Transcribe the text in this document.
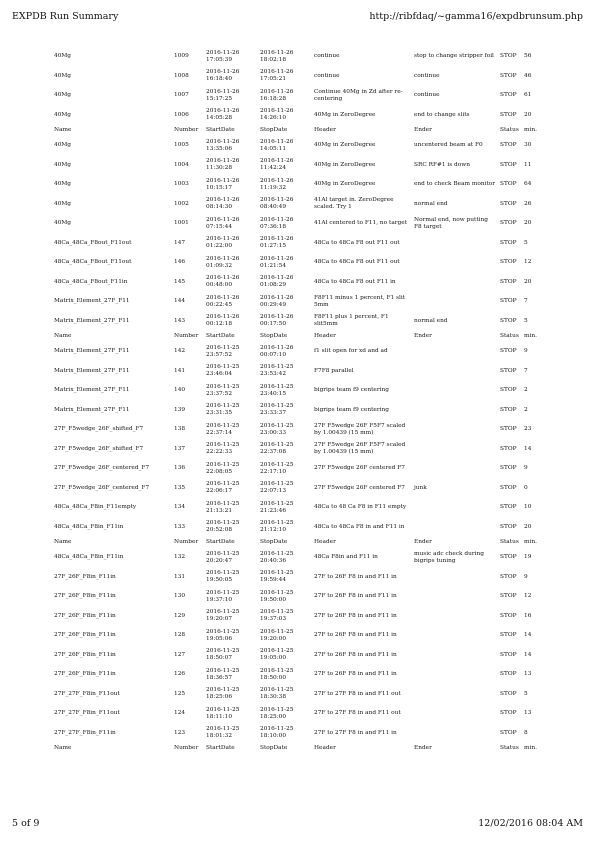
EXPDB Run Summary	http://ribfdaq/~gamma16/expdbrunsum.php
40Mg	1009	2016-11-26 17:05:39	2016-11-26 18:02:18	continue	stop to change stripper foil	STOP	56
40Mg	1008	2016-11-26 16:18:40	2016-11-26 17:05:21	continue	continue	STOP	46
40Mg	1007	2016-11-26 15:17:25	2016-11-26 16:18:28	Continue 40Mg in Zd after re-centering	continue	STOP	61
40Mg	1006	2016-11-26 14:05:28	2016-11-26 14:26:10	40Mg in ZeroDegree	end to change slits	STOP	20
Name	Number	StartDate	StopDate	Header	Ender	Status	min.
40Mg	1005	2016-11-26 13:35:06	2016-11-26 14:05:11	40Mg in ZeroDegree	uncentered beam at F0	STOP	30
40Mg	1004	2016-11-26 11:30:28	2016-11-26 11:42:24	40Mg in ZeroDegree	SRC RF#1 is down	STOP	11
40Mg	1003	2016-11-26 10:15:17	2016-11-26 11:19:32	40Mg in ZeroDegree	end to check Beam monitor	STOP	64
40Mg	1002	2016-11-26 08:14:30	2016-11-26 08:40:49	41Al target in. ZeroDegree scaled. Try 1	normal end	STOP	26
40Mg	1001	2016-11-26 07:15:44	2016-11-26 07:36:18	41Al centered to F11, no target	Normal end, now putting F8 target	STOP	20
48Ca_48Ca_F8out_F11out	147	2016-11-26 01:22:00	2016-11-26 01:27:15	48Ca to 48Ca F8 out F11 out		STOP	5
48Ca_48Ca_F8out_F11out	146	2016-11-26 01:09:32	2016-11-26 01:21:54	48Ca to 48Ca F8 out F11 out		STOP	12
48Ca_48Ca_F8out_F11in	145	2016-11-26 00:48:00	2016-11-26 01:08:29	48Ca to 48Ca F8 out F11 in		STOP	20
Matrix_Element_27F_F11	144	2016-11-26 00:22:45	2016-11-26 00:29:49	F8F11 minus 1 percent, F1 slit 5mm		STOP	7
Matrix_Element_27F_F11	143	2016-11-26 00:12:18	2016-11-26 00:17:50	F8F11 plus 1 percent, F1 slit5mm	normal end	STOP	5
Name	Number	StartDate	StopDate	Header	Ender	Status	min.
Matrix_Element_27F_F11	142	2016-11-25 23:57:52	2016-11-26 00:07:10	f1 slit open for xd and ad		STOP	9
Matrix_Element_27F_F11	141	2016-11-25 23:46:04	2016-11-25 23:53:42	F7F8 parallel		STOP	7
Matrix_Element_27F_F11	140	2016-11-25 23:37:52	2016-11-25 23:40:15	bigrips team f9 centering		STOP	2
Matrix_Element_27F_F11	139	2016-11-25 23:31:35	2016-11-25 23:33:37	bigrips team f9 centering		STOP	2
27F_F5wedge_26F_shifted_F7	138	2016-11-25 22:37:14	2016-11-25 23:00:33	27F F5wedge 26F F5F7 scaled by 1.00439 (15 mm)		STOP	23
27F_F5wedge_26F_shifted_F7	137	2016-11-25 22:22:33	2016-11-25 22:37:08	27F F5wedge 26F F5F7 scaled by 1.00439 (15 mm)		STOP	14
27F_F5wedge_26F_centered_F7	136	2016-11-25 22:08:05	2016-11-25 22:17:10	27F F5wedge 26F centered F7		STOP	9
27F_F5wedge_26F_centered_F7	135	2016-11-25 22:06:17	2016-11-25 22:07:13	27F F5wedge 26F centered F7	junk	STOP	0
48Ca_48Ca_F8in_F11empty	134	2016-11-25 21:13:21	2016-11-25 21:23:46	48Ca to 48 Ca F8 in F11 empty		STOP	10
48Ca_48Ca_F8in_F11in	133	2016-11-25 20:52:08	2016-11-25 21:12:10	48Ca to 48Ca F8 in and F11 in		STOP	20
Name	Number	StartDate	StopDate	Header	Ender	Status	min.
48Ca_48Ca_F8in_F11in	132	2016-11-25 20:20:47	2016-11-25 20:40:36	48Ca F8in and F11 in	music adc check during bigrips tuning	STOP	19
27F_26F_F8in_F11in	131	2016-11-25 19:50:05	2016-11-25 19:59:44	27F to 26F F8 in and F11 in		STOP	9
27F_26F_F8in_F11in	130	2016-11-25 19:37:10	2016-11-25 19:50:00	27F to 26F F8 in and F11 in		STOP	12
27F_26F_F8in_F11in	129	2016-11-25 19:20:07	2016-11-25 19:37:03	27F to 26F F8 in and F11 in		STOP	16
27F_26F_F8in_F11in	128	2016-11-25 19:05:06	2016-11-25 19:20:00	27F to 26F F8 in and F11 in		STOP	14
27F_26F_F8in_F11in	127	2016-11-25 18:50:07	2016-11-25 19:05:00	27F to 26F F8 in and F11 in		STOP	14
27F_26F_F8in_F11in	126	2016-11-25 18:36:57	2016-11-25 18:50:00	27F to 26F F8 in and F11 in		STOP	13
27F_27F_F8in_F11out	125	2016-11-25 18:25:06	2016-11-25 18:30:38	27F to 27F F8 in and F11 out		STOP	5
27F_27F_F8in_F11out	124	2016-11-25 18:11:10	2016-11-25 18:25:00	27F to 27F F8 in and F11 out		STOP	13
27F_27F_F8in_F11in	123	2016-11-25 18:01:32	2016-11-25 18:10:00	27F to 27F F8 in and F11 in		STOP	8
Name	Number	StartDate	StopDate	Header	Ender	Status	min.
5 of 9	12/02/2016 08:04 AM
